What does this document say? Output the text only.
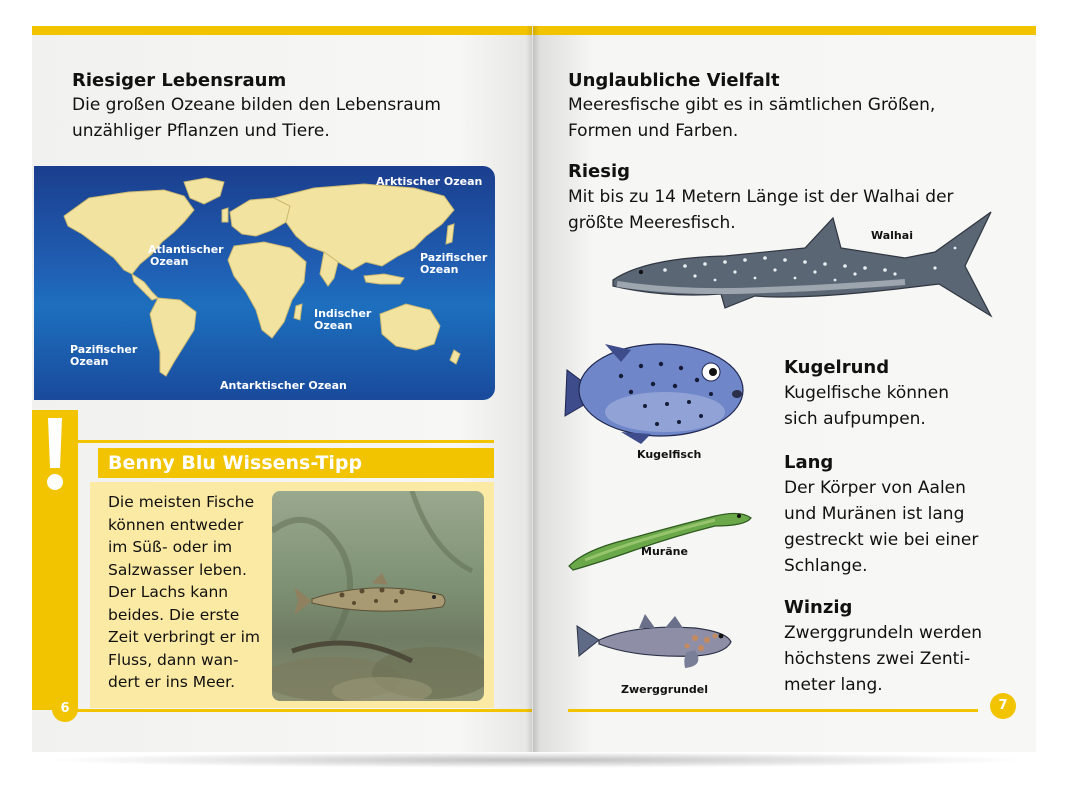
Riesiger Lebensraum
Die großen Ozeane bilden den Lebensraum
unzähliger Pflanzen und Tiere.
Arktischer Ozean
Atlantischer
Ozean	Pazifischer
Ozean
Indischer
Ozean
Pazifischer
Ozean
Antarktischer Ozean
Benny Blu Wissens-Tipp
Die meisten Fische
können entweder
im Süß- oder im
Salzwasser leben.
Der Lachs kann
beides. Die erste
Zeit verbringt er im
Fluss, dann wan-
dert er ins Meer.
6
Unglaubliche Vielfalt
Meeresfische gibt es in sämtlichen Größen,
Formen und Farben.
Riesig
Mit bis zu 14 Metern Länge ist der Walhai der
größte Meeresfisch.
Walhai
Kugelfisch
Kugelrund
Kugelfische können
sich aufpumpen.
Muräne
Lang
Der Körper von Aalen
und Muränen ist lang
gestreckt wie bei einer
Schlange.
Zwerggrundel
Winzig
Zwerggrundeln werden
höchstens zwei Zenti-
meter lang.
7
